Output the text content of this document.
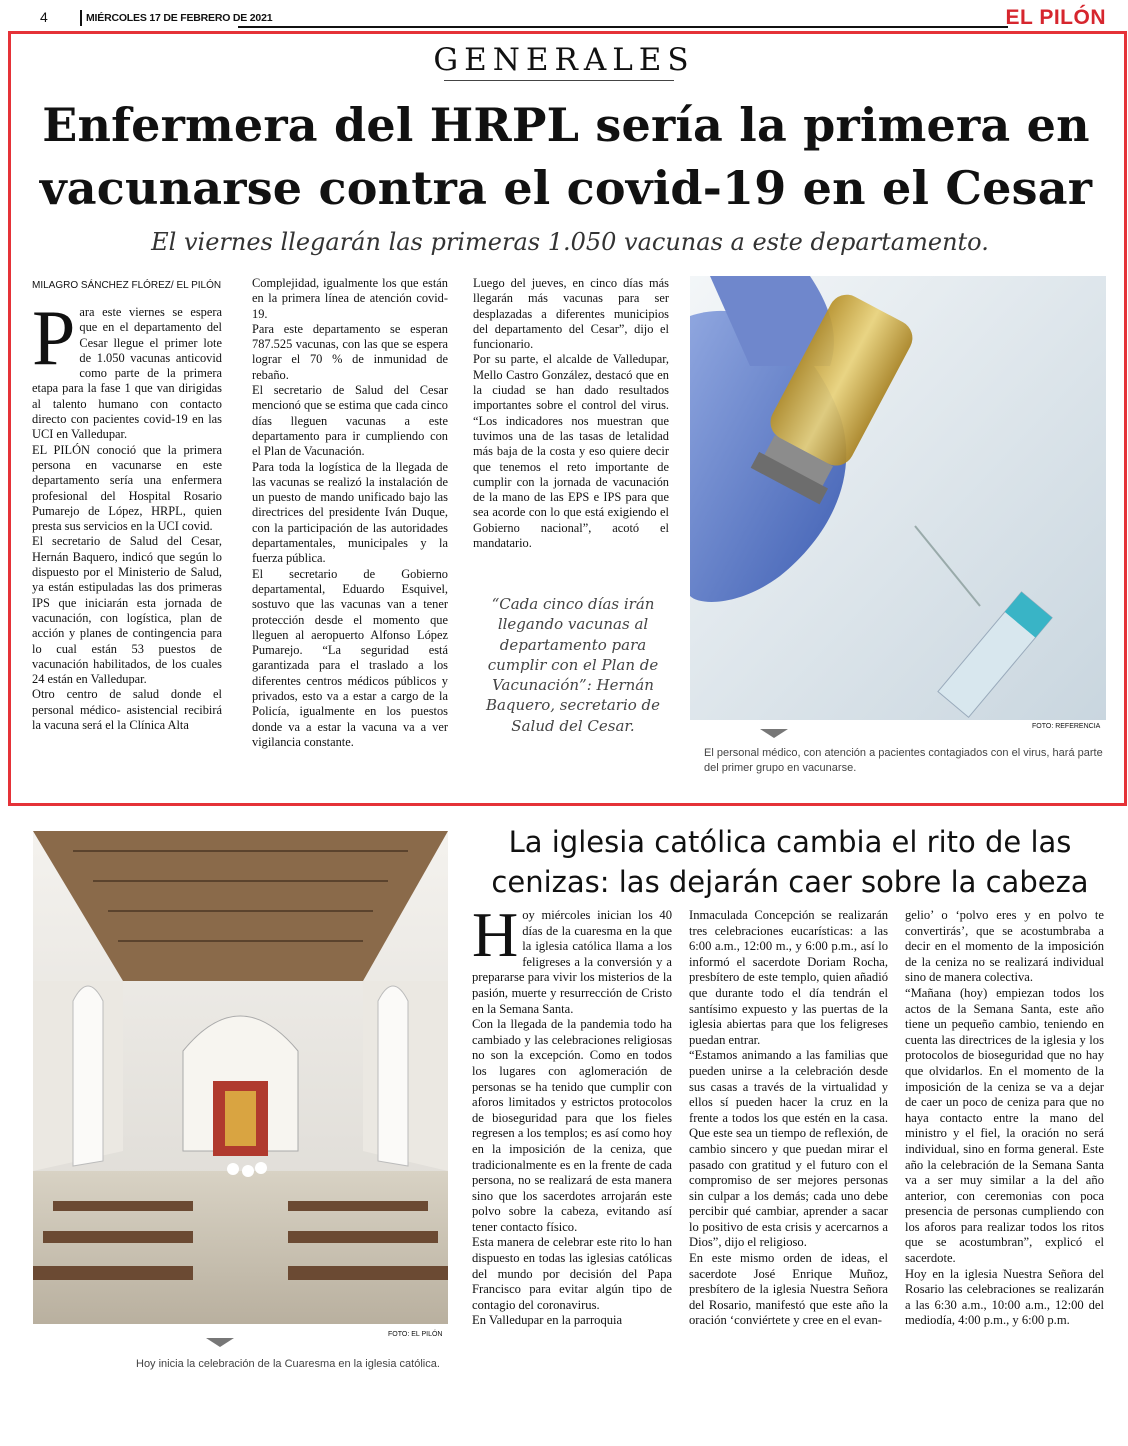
4	MIÉRCOLES 17 DE FEBRERO DE 2021	EL PILÓN
GENERALES
Enfermera del HRPL sería la primera en
vacunarse contra el covid-19 en el Cesar
El viernes llegarán las primeras 1.050 vacunas a este departamento.
MILAGRO SÁNCHEZ FLÓREZ/ EL PILÓN
P ara este viernes se espera que en el departamento del Cesar llegue el primer lote de 1.050 vacunas anticovid como parte de la primera etapa para la fase 1 que van dirigidas al talento humano con contacto directo con pacientes covid-19 en las UCI en Valledupar.

EL PILÓN conoció que la primera persona en vacunarse en este departamento sería una enfermera profesional del Hospital Rosario Pumarejo de López, HRPL, quien presta sus servicios en la UCI covid.

El secretario de Salud del Cesar, Hernán Baquero, indicó que según lo dispuesto por el Ministerio de Salud, ya están estipuladas las dos primeras IPS que iniciarán esta jornada de vacunación, con logística, plan de acción y planes de contingencia para lo cual están 53 puestos de vacunación habilitados, de los cuales 24 están en Valledupar.

Otro centro de salud donde el personal médico- asistencial recibirá la vacuna será el la Clínica Alta

Complejidad, igualmente los que están en la primera línea de atención covid-19.

Para este departamento se esperan 787.525 vacunas, con las que se espera lograr el 70 % de inmunidad de rebaño.

El secretario de Salud del Cesar mencionó que se estima que cada cinco días lleguen vacunas a este departamento para ir cumpliendo con el Plan de Vacunación.

Para toda la logística de la llegada de las vacunas se realizó la instalación de un puesto de mando unificado bajo las directrices del presidente Iván Duque, con la participación de las autoridades departamentales, municipales y la fuerza pública.

El secretario de Gobierno departamental, Eduardo Esquivel, sostuvo que las vacunas van a tener protección desde el momento que lleguen al aeropuerto Alfonso López Pumarejo. “La seguridad está garantizada para el traslado a los diferentes centros médicos públicos y privados, esto va a estar a cargo de la Policía, igualmente en los puestos donde va a estar la vacuna va a ver vigilancia constante.

Luego del jueves, en cinco días más llegarán más vacunas para ser desplazadas a diferentes municipios del departamento del Cesar”, dijo el funcionario.

Por su parte, el alcalde de Valledupar, Mello Castro González, destacó que en la ciudad se han dado resultados importantes sobre el control del virus. “Los indicadores nos muestran que tuvimos una de las tasas de letalidad más baja de la costa y eso quiere decir que tenemos el reto importante de cumplir con la jornada de vacunación de la mano de las EPS e IPS para que sea acorde con lo que está exigiendo el Gobierno nacional”, acotó el mandatario.

“Cada cinco días irán llegando vacunas al departamento para cumplir con el Plan de Vacunación”: Hernán Baquero, secretario de Salud del Cesar.	FOTO: REFERENCIA
El personal médico, con atención a pacientes contagiados con el virus, hará parte del primer grupo en vacunarse.
La iglesia católica cambia el rito de las cenizas: las dejarán caer sobre la cabeza
FOTO: EL PILÓN
Hoy inicia la celebración de la Cuaresma en la iglesia católica.
H oy miércoles inician los 40 días de la cuaresma en la que la iglesia católica llama a los feligreses a la conversión y a prepararse para vivir los misterios de la pasión, muerte y resurrección de Cristo en la Semana Santa.

Con la llegada de la pandemia todo ha cambiado y las celebraciones religiosas no son la excepción. Como en todos los lugares con aglomeración de personas se ha tenido que cumplir con aforos limitados y estrictos protocolos de bioseguridad para que los fieles regresen a los templos; es así como hoy en la imposición de la ceniza, que tradicionalmente es en la frente de cada persona, no se realizará de esta manera sino que los sacerdotes arrojarán este polvo sobre la cabeza, evitando así tener contacto físico.

Esta manera de celebrar este rito lo han dispuesto en todas las iglesias católicas del mundo por decisión del Papa Francisco para evitar algún tipo de contagio del coronavirus.

En Valledupar en la parroquia

Inmaculada Concepción se realizarán tres celebraciones eucarísticas: a las 6:00 a.m., 12:00 m., y 6:00 p.m., así lo informó el sacerdote Doriam Rocha, presbítero de este templo, quien añadió que durante todo el día tendrán el santísimo expuesto y las puertas de la iglesia abiertas para que los feligreses puedan entrar.

“Estamos animando a las familias que pueden unirse a la celebración desde sus casas a través de la virtualidad y ellos sí pueden hacer la cruz en la frente a todos los que estén en la casa. Que este sea un tiempo de reflexión, de cambio sincero y que puedan mirar el pasado con gratitud y el futuro con el compromiso de ser mejores personas sin culpar a los demás; cada uno debe percibir qué cambiar, aprender a sacar lo positivo de esta crisis y acercarnos a Dios”, dijo el religioso.

En este mismo orden de ideas, el sacerdote José Enrique Muñoz, presbítero de la iglesia Nuestra Señora del Rosario, manifestó que este año la oración ‘conviértete y cree en el evan-

gelio’ o ‘polvo eres y en polvo te convertirás’, que se acostumbraba a decir en el momento de la imposición de la ceniza no se realizará individual sino de manera colectiva.

“Mañana (hoy) empiezan todos los actos de la Semana Santa, este año tiene un pequeño cambio, teniendo en cuenta las directrices de la iglesia y los protocolos de bioseguridad que no hay que olvidarlos. En el momento de la imposición de la ceniza se va a dejar de caer un poco de ceniza para que no haya contacto entre la mano del ministro y el fiel, la oración no será individual, sino en forma general. Este año la celebración de la Semana Santa va a ser muy similar a la del año anterior, con ceremonias con poca presencia de personas cumpliendo con los aforos para realizar todos los ritos que se acostumbran”, explicó el sacerdote.

Hoy en la iglesia Nuestra Señora del Rosario las celebraciones se realizarán a las 6:30 a.m., 10:00 a.m., 12:00 del mediodía, 4:00 p.m., y 6:00 p.m.
